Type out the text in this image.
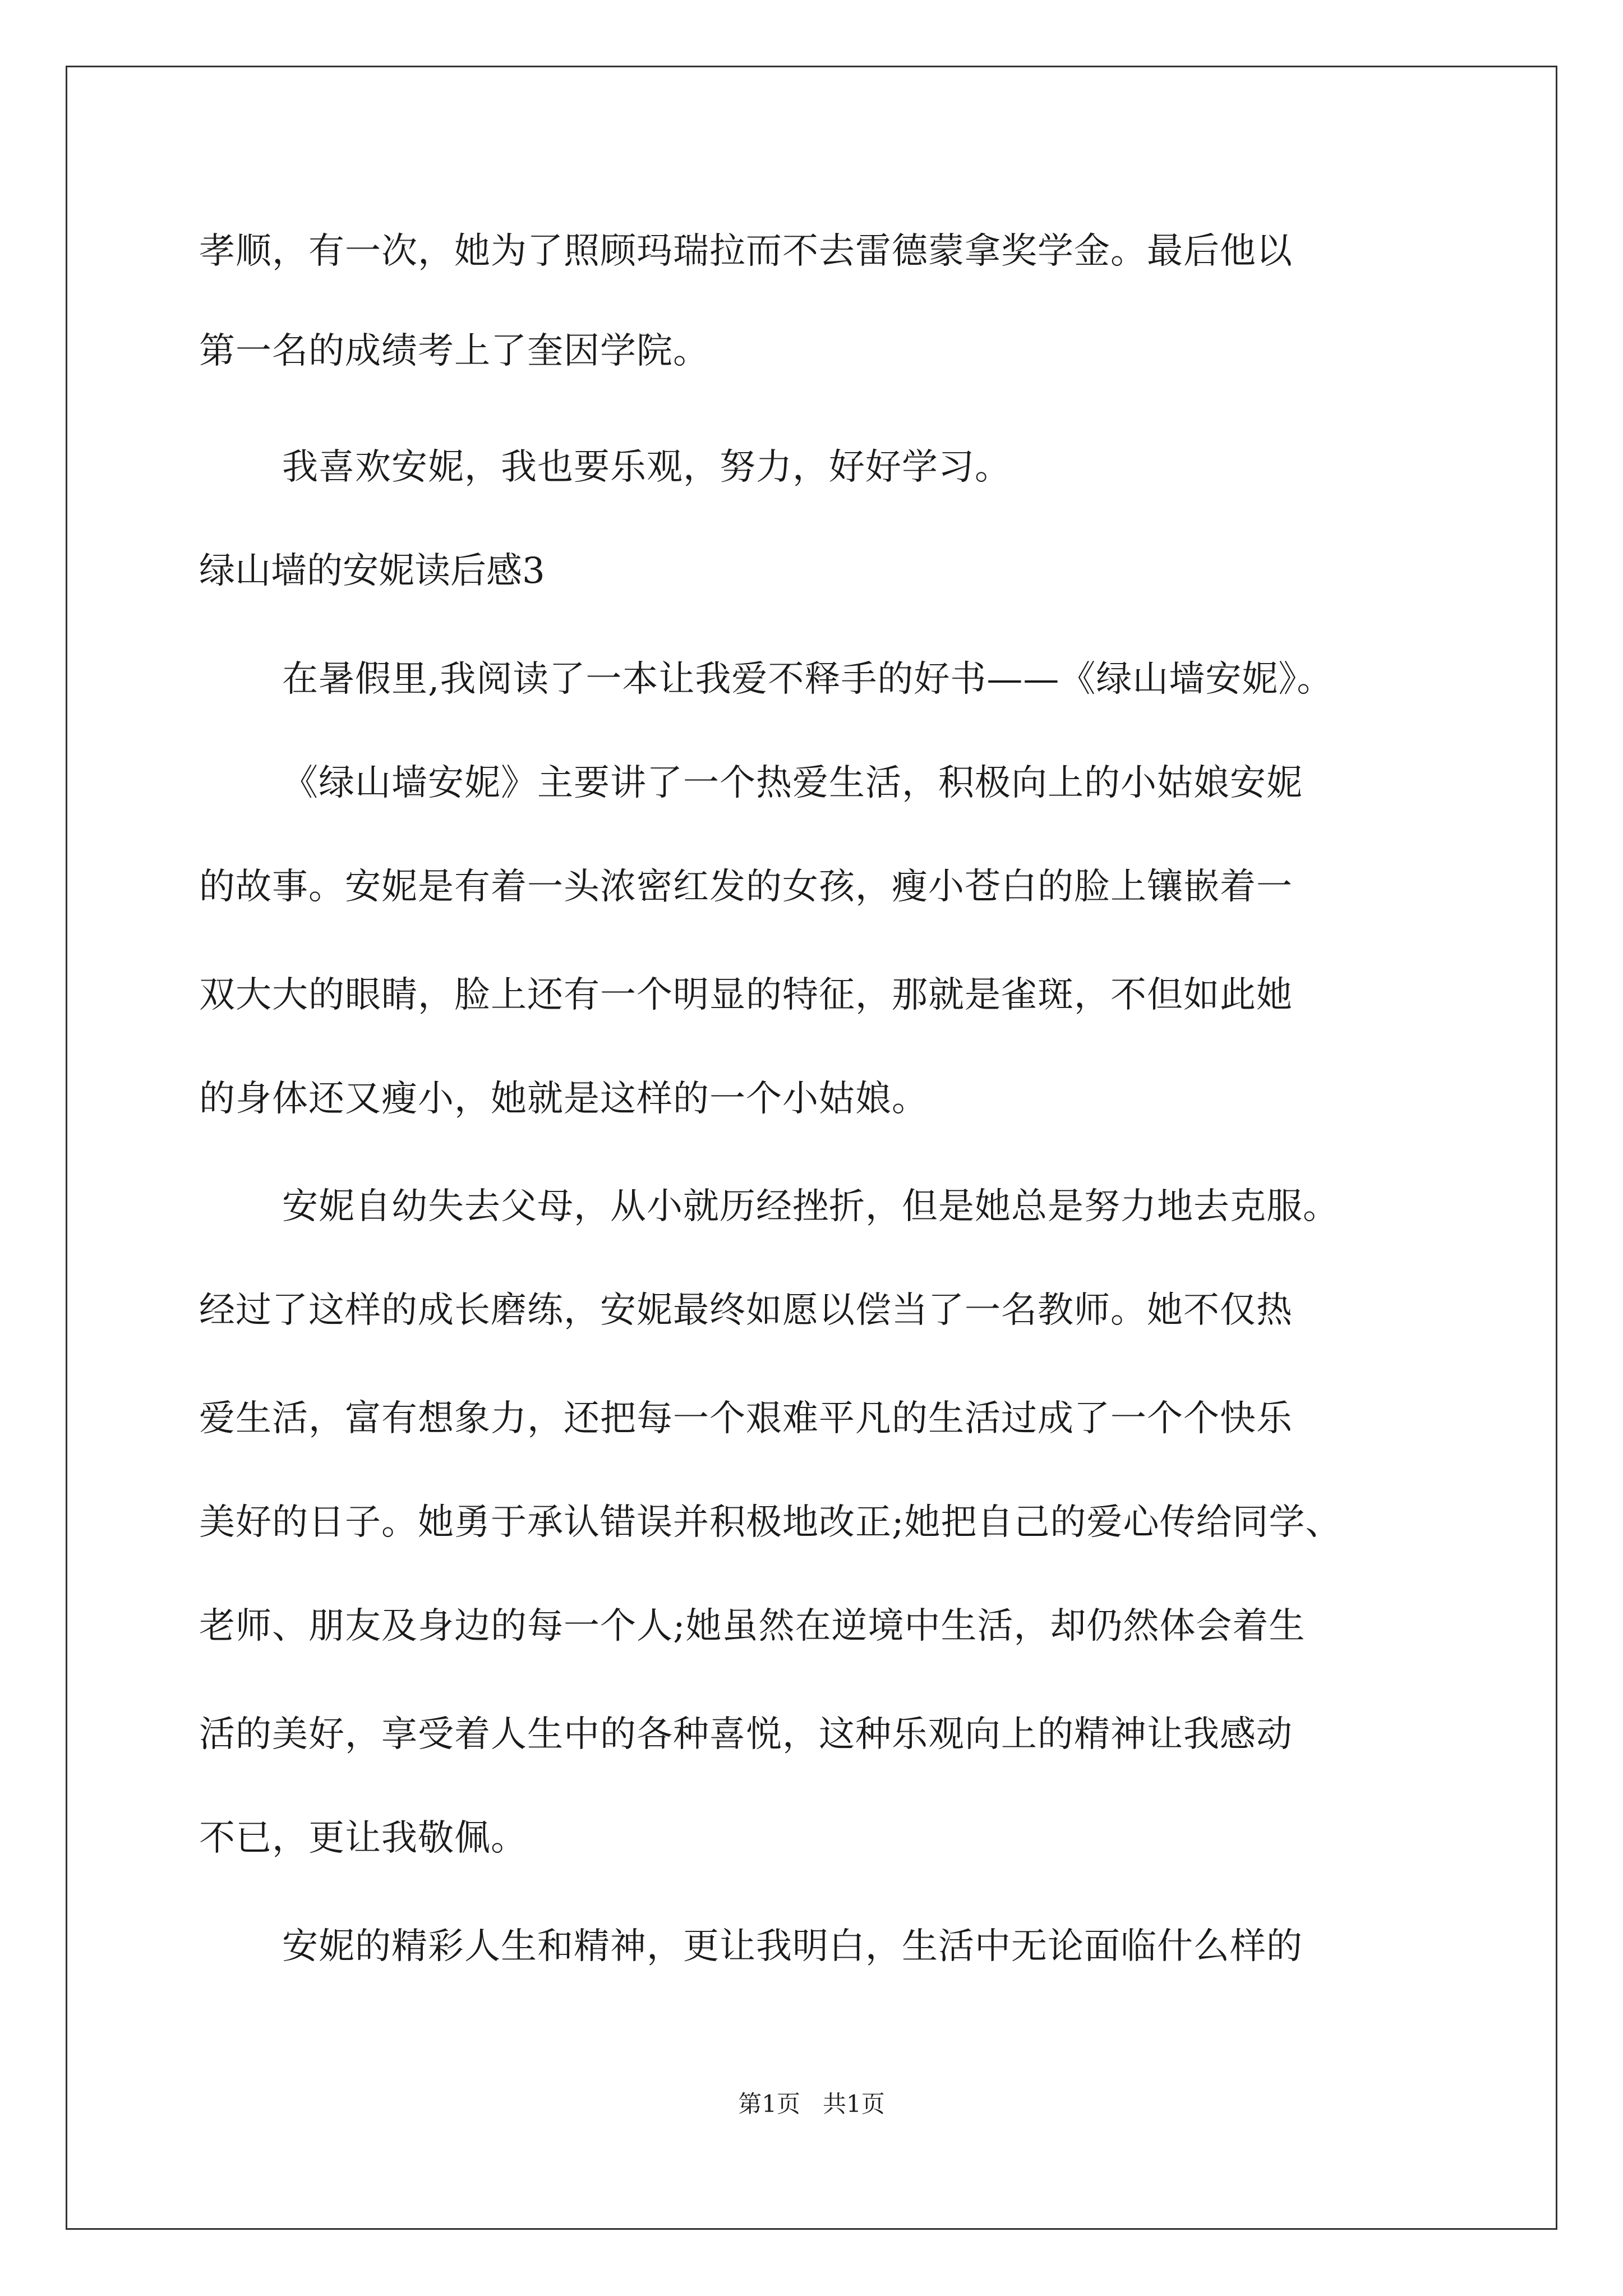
孝顺，有一次，她为了照顾玛瑞拉而不去雷德蒙拿奖学金。最后他以

第一名的成绩考上了奎因学院。

我喜欢安妮，我也要乐观，努力，好好学习。

绿山墙的安妮读后感3

在暑假里,我阅读了一本让我爱不释手的好书——《绿山墙安妮》。

《绿山墙安妮》主要讲了一个热爱生活，积极向上的小姑娘安妮

的故事。安妮是有着一头浓密红发的女孩，瘦小苍白的脸上镶嵌着一

双大大的眼睛，脸上还有一个明显的特征，那就是雀斑，不但如此她

的身体还又瘦小，她就是这样的一个小姑娘。

安妮自幼失去父母，从小就历经挫折，但是她总是努力地去克服。

经过了这样的成长磨练，安妮最终如愿以偿当了一名教师。她不仅热

爱生活，富有想象力，还把每一个艰难平凡的生活过成了一个个快乐

美好的日子。她勇于承认错误并积极地改正;她把自己的爱心传给同学、

老师、朋友及身边的每一个人;她虽然在逆境中生活，却仍然体会着生

活的美好，享受着人生中的各种喜悦，这种乐观向上的精神让我感动

不已，更让我敬佩。

安妮的精彩人生和精神，更让我明白，生活中无论面临什么样的

第1页   共1页
